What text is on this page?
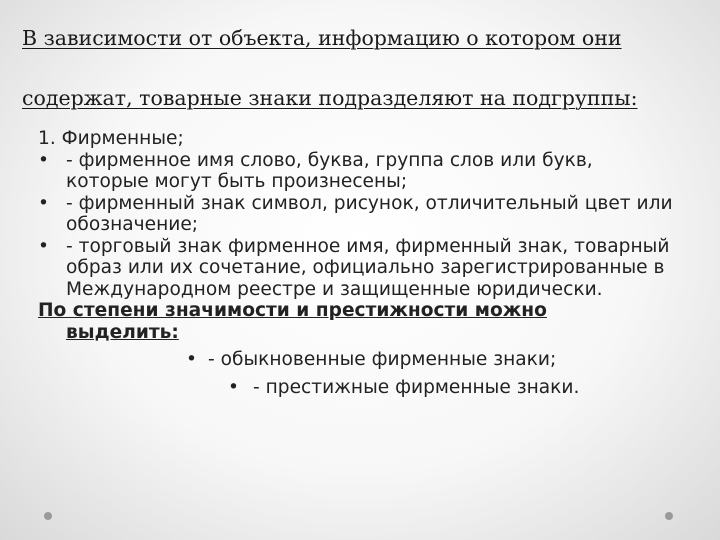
В зависимости от объекта, информацию о котором они
содержат, товарные знаки подразделяют на подгруппы:
1. Фирменные;
• - фирменное имя слово, буква, группа слов или букв, которые могут быть произнесены;
• - фирменный знак символ, рисунок, отличительный цвет или обозначение;
• - торговый знак фирменное имя, фирменный знак, товарный образ или их сочетание, официально зарегистрированные в Международном реестре и защищенные юридически.
По степени значимости и престижности можно
выделить:
• - обыкновенные фирменные знаки;
• - престижные фирменные знаки.
